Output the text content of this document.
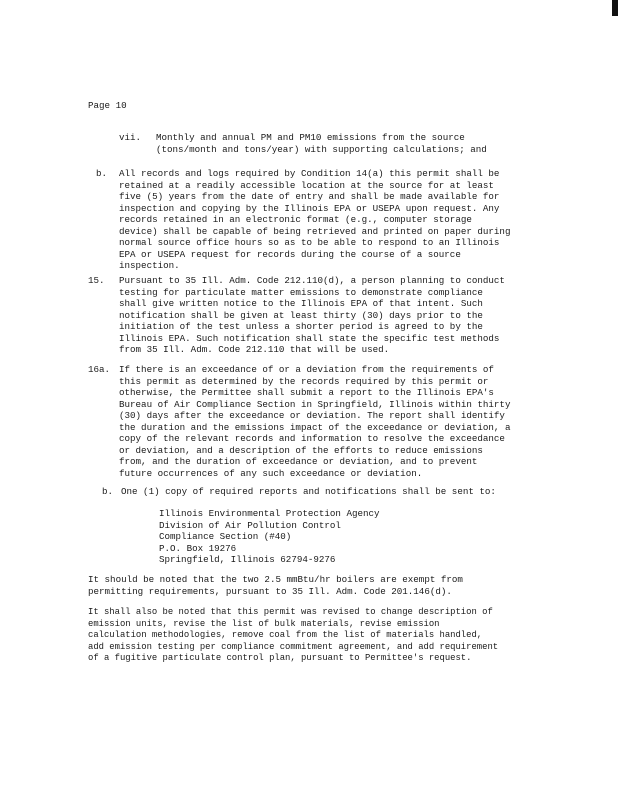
Page 10
vii. Monthly and annual PM and PM10 emissions from the source
(tons/month and tons/year) with supporting calculations; and
b. All records and logs required by Condition 14(a) this permit shall be
retained at a readily accessible location at the source for at least
five (5) years from the date of entry and shall be made available for
inspection and copying by the Illinois EPA or USEPA upon request. Any
records retained in an electronic format (e.g., computer storage
device) shall be capable of being retrieved and printed on paper during
normal source office hours so as to be able to respond to an Illinois
EPA or USEPA request for records during the course of a source
inspection.
15. Pursuant to 35 Ill. Adm. Code 212.110(d), a person planning to conduct
testing for particulate matter emissions to demonstrate compliance
shall give written notice to the Illinois EPA of that intent. Such
notification shall be given at least thirty (30) days prior to the
initiation of the test unless a shorter period is agreed to by the
Illinois EPA. Such notification shall state the specific test methods
from 35 Ill. Adm. Code 212.110 that will be used.
16a. If there is an exceedance of or a deviation from the requirements of
this permit as determined by the records required by this permit or
otherwise, the Permittee shall submit a report to the Illinois EPA's
Bureau of Air Compliance Section in Springfield, Illinois within thirty
(30) days after the exceedance or deviation. The report shall identify
the duration and the emissions impact of the exceedance or deviation, a
copy of the relevant records and information to resolve the exceedance
or deviation, and a description of the efforts to reduce emissions
from, and the duration of exceedance or deviation, and to prevent
future occurrences of any such exceedance or deviation.
b. One (1) copy of required reports and notifications shall be sent to:
Illinois Environmental Protection Agency
Division of Air Pollution Control
Compliance Section (#40)
P.O. Box 19276
Springfield, Illinois 62794-9276
It should be noted that the two 2.5 mmBtu/hr boilers are exempt from
permitting requirements, pursuant to 35 Ill. Adm. Code 201.146(d).
It shall also be noted that this permit was revised to change description of
emission units, revise the list of bulk materials, revise emission
calculation methodologies, remove coal from the list of materials handled,
add emission testing per compliance commitment agreement, and add requirement
of a fugitive particulate control plan, pursuant to Permittee's request.
